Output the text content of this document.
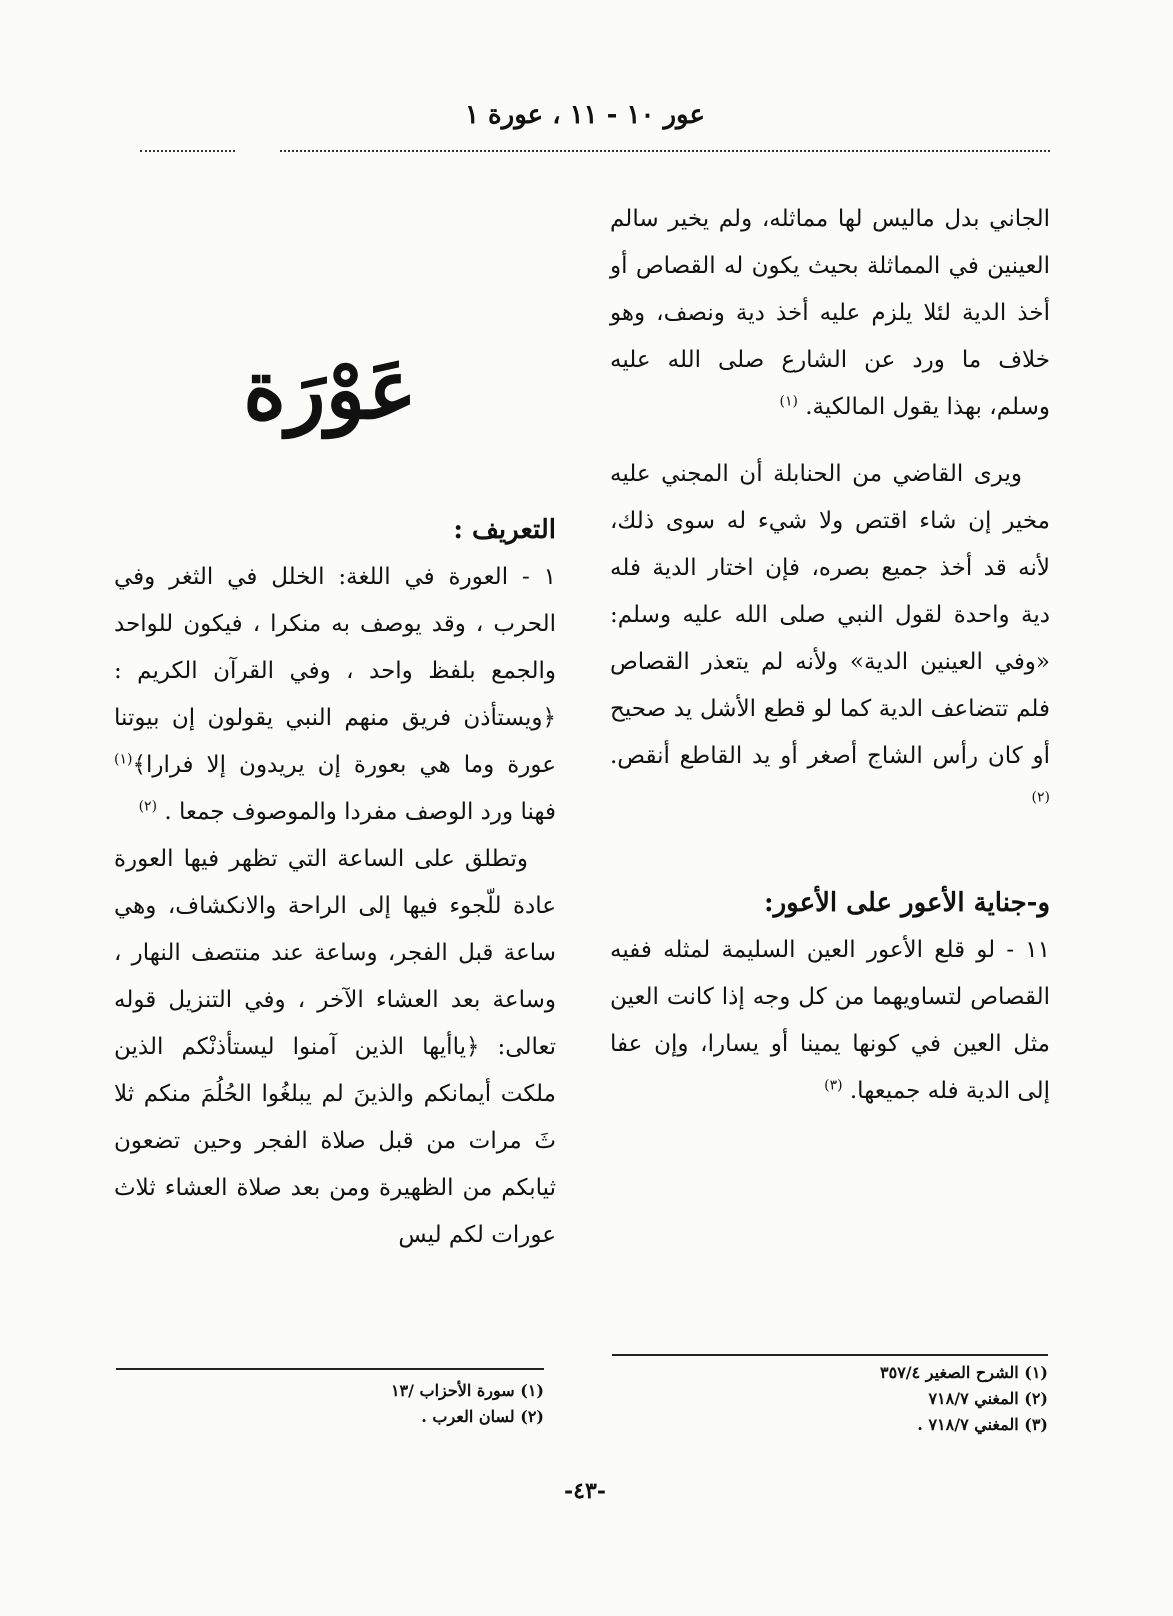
عور ١٠ - ١١ ، عورة ١

الجاني بدل ماليس لها مماثله، ولم يخير سالم العينين في المماثلة بحيث يكون له القصاص أو أخذ الدية لئلا يلزم عليه أخذ دية ونصف، وهو خلاف ما ورد عن الشارع صلى الله عليه وسلم، بهذا يقول المالكية. $^{(١)}$

ويرى القاضي من الحنابلة أن المجني عليه مخير إن شاء اقتص ولا شيء له سوى ذلك، لأنه قد أخذ جميع بصره، فإن اختار الدية فله دية واحدة لقول النبي صلى الله عليه وسلم: «وفي العينين الدية» ولأنه لم يتعذر القصاص فلم تتضاعف الدية كما لو قطع الأشل يد صحيح أو كان رأس الشاج أصغر أو يد القاطع أنقص. $^{(٢)}$

و-جناية الأعور على الأعور:

١١ - لو قلع الأعور العين السليمة لمثله ففيه القصاص لتساويهما من كل وجه إذا كانت العين مثل العين في كونها يمينا أو يسارا، وإن عفا إلى الدية فله جميعها. $^{(٣)}$

عَوْرَة

التعريف :

١ - العورة في اللغة: الخلل في الثغر وفي الحرب ، وقد يوصف به منكرا ، فيكون للواحد والجمع بلفظ واحد ، وفي القرآن الكريم : ﴿ويستأذن فريق منهم النبي يقولون إن بيوتنا عورة وما هي بعورة إن يريدون إلا فرارا﴾$^{(١)}$ فهنا ورد الوصف مفردا والموصوف جمعا . $^{(٢)}$

وتطلق على الساعة التي تظهر فيها العورة عادة للّجوء فيها إلى الراحة والانكشاف، وهي ساعة قبل الفجر، وساعة عند منتصف النهار ، وساعة بعد العشاء الآخر ، وفي التنزيل قوله تعالى: ﴿ياأيها الذين آمنوا ليستأذنْكم الذين ملكت أيمانكم والذينَ لم يبلغُوا الحُلُمَ منكم ثلا ثَ مرات من قبل صلاة الفجر وحين تضعون ثيابكم من الظهيرة ومن بعد صلاة العشاء ثلاث عورات لكم ليس

(١) الشرح الصغير ٣٥٧/٤
(٢) المغني ٧١٨/٧
(٣) المغني ٧١٨/٧ .
(١) سورة الأحزاب /١٣
(٢) لسان العرب .
-٤٣-
